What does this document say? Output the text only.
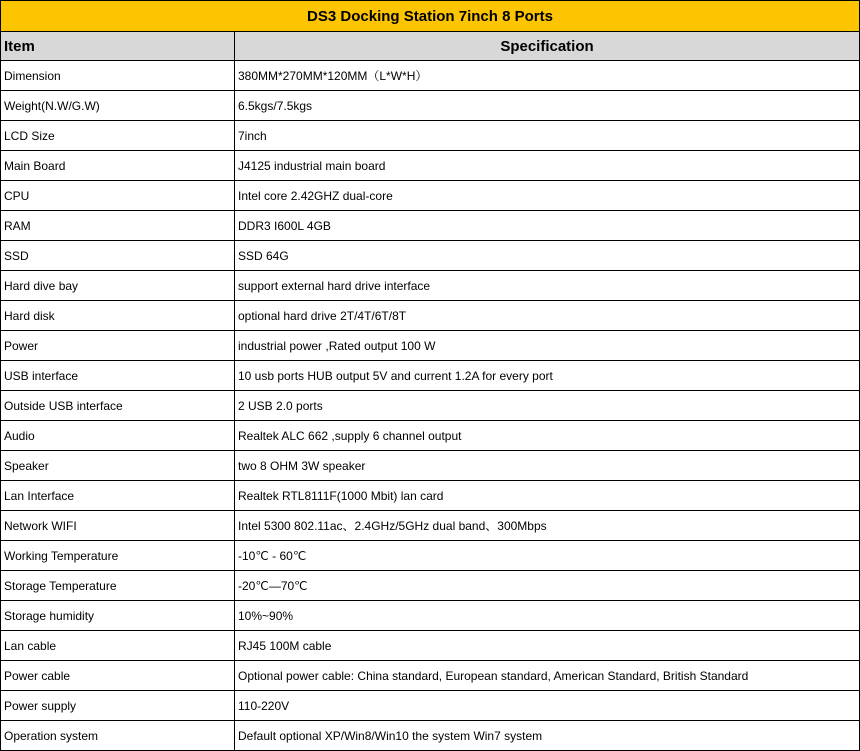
DS3 Docking Station 7inch 8 Ports	
Item	Specification
Dimension	380MM*270MM*120MM（L*W*H）
Weight(N.W/G.W)	6.5kgs/7.5kgs
LCD Size	7inch
Main Board	J4125 industrial main board
CPU	Intel core 2.42GHZ dual-core
RAM	DDR3 I600L 4GB
SSD	SSD 64G
Hard dive bay	support external hard drive interface
Hard disk	optional hard drive 2T/4T/6T/8T
Power	industrial power ,Rated output 100 W
USB interface	10 usb ports HUB output 5V and current 1.2A for every port
Outside USB interface	2 USB 2.0 ports
Audio	Realtek ALC 662 ,supply 6 channel output
Speaker	two 8 OHM 3W speaker
Lan Interface	Realtek RTL8111F(1000 Mbit) lan card
Network WIFI	Intel 5300 802.11ac、2.4GHz/5GHz dual band、300Mbps
Working Temperature	-10℃ - 60℃
Storage Temperature	-20℃—70℃
Storage humidity	10%~90%
Lan cable	RJ45 100M cable
Power cable	Optional power cable: China standard, European standard, American Standard, British Standard
Power supply	110-220V
Operation system	Default optional XP/Win8/Win10 the system Win7 system
